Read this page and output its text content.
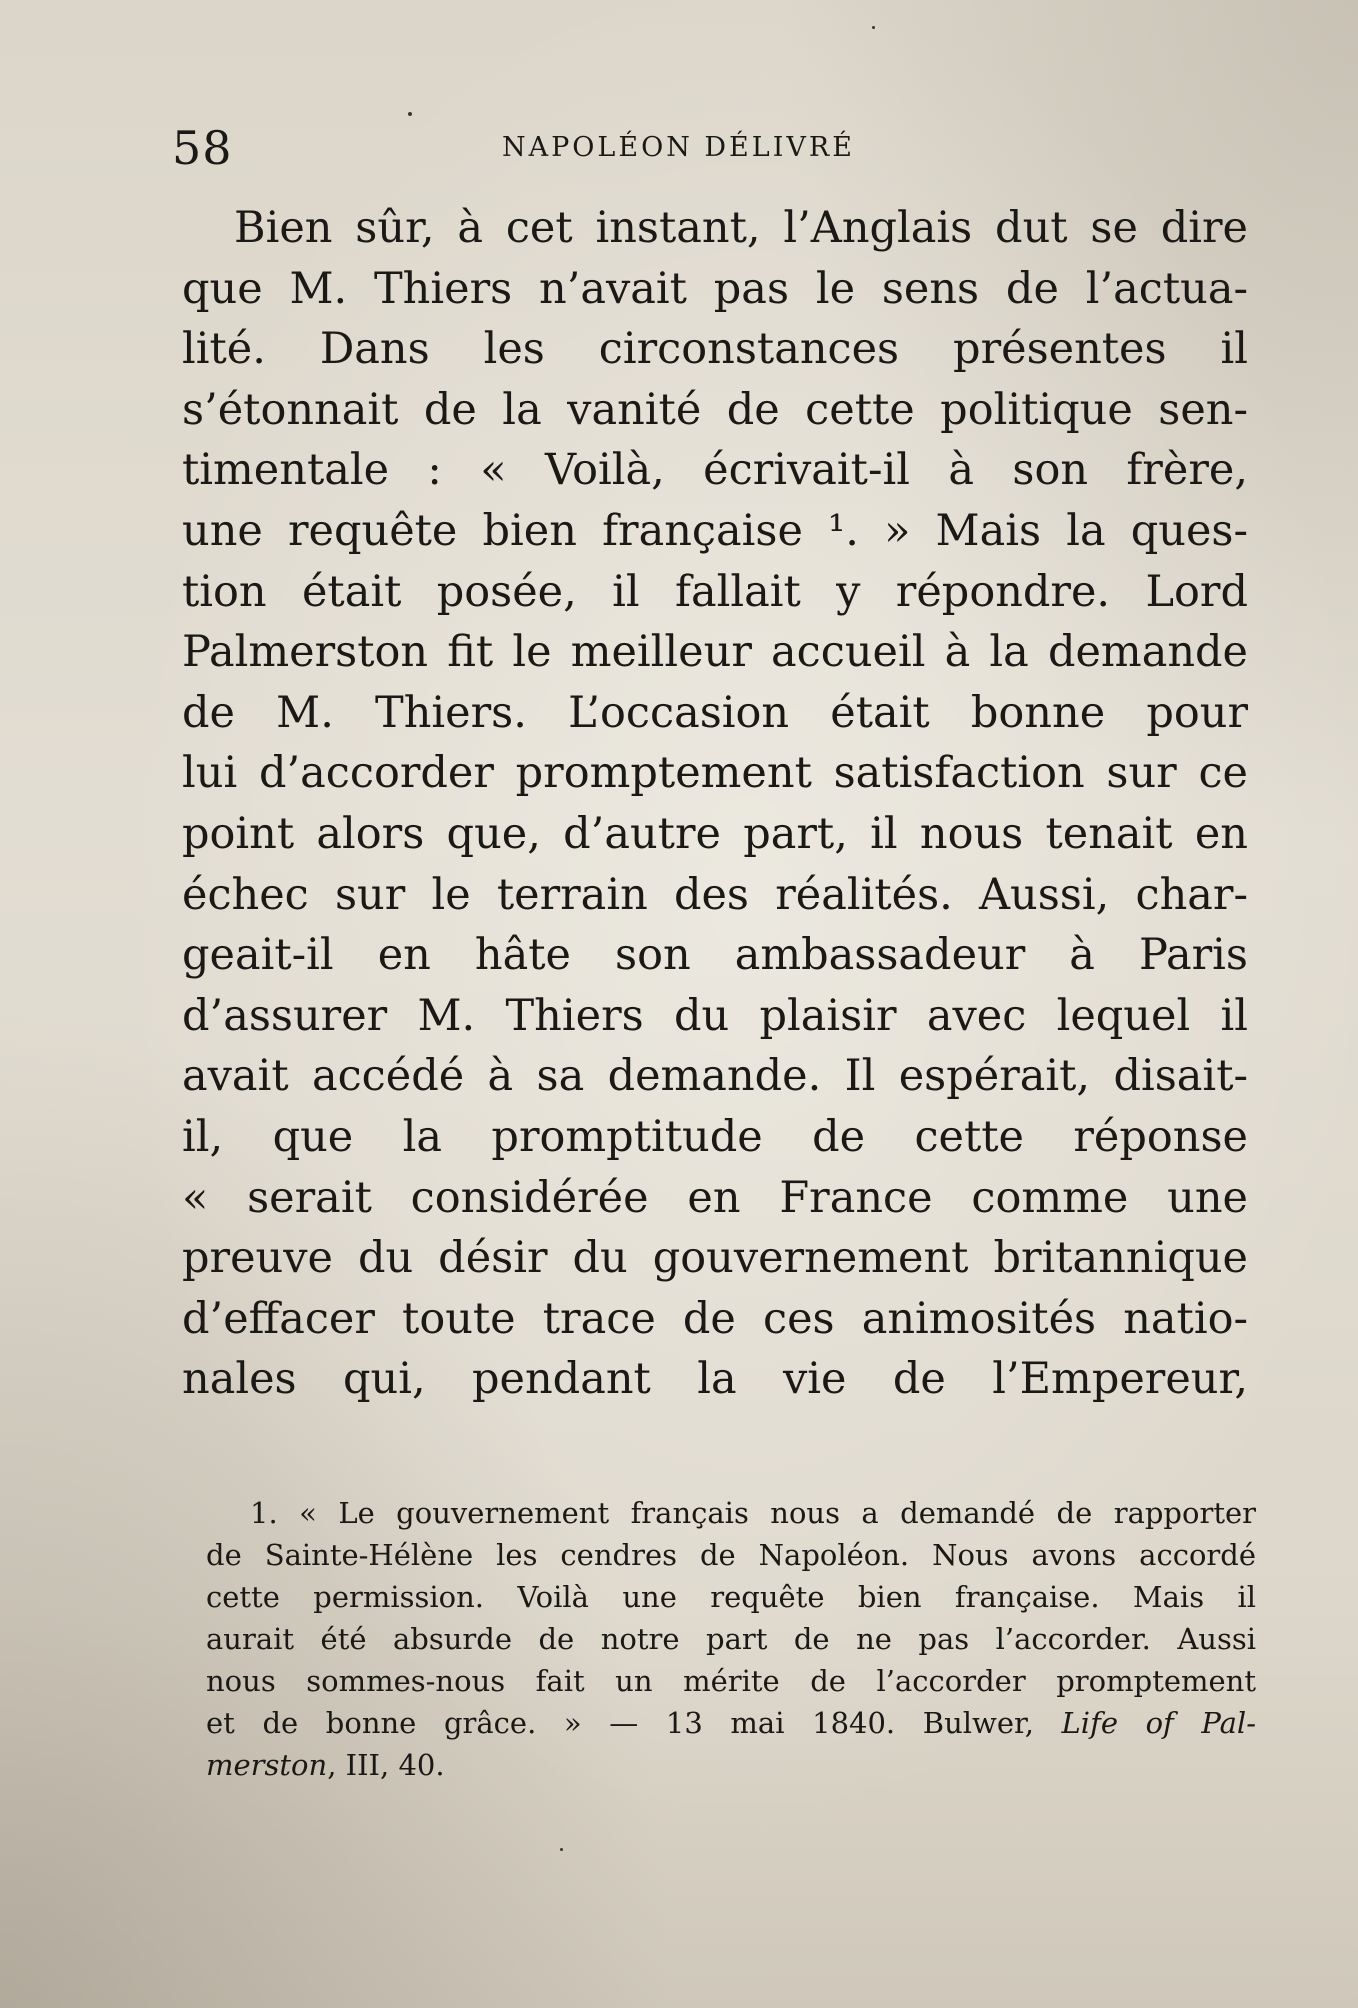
58	NAPOLÉON DÉLIVRÉ
Bien sûr, à cet instant, l’Anglais dut se dire
que M. Thiers n’avait pas le sens de l’actua-
lité. Dans les circonstances présentes il
s’étonnait de la vanité de cette politique sen-
timentale : « Voilà, écrivait-il à son frère,
une requête bien française ¹. » Mais la ques-
tion était posée, il fallait y répondre. Lord
Palmerston fit le meilleur accueil à la demande
de M. Thiers. L’occasion était bonne pour
lui d’accorder promptement satisfaction sur ce
point alors que, d’autre part, il nous tenait en
échec sur le terrain des réalités. Aussi, char-
geait-il en hâte son ambassadeur à Paris
d’assurer M. Thiers du plaisir avec lequel il
avait accédé à sa demande. Il espérait, disait-
il, que la promptitude de cette réponse
« serait considérée en France comme une
preuve du désir du gouvernement britannique
d’effacer toute trace de ces animosités natio-
nales qui, pendant la vie de l’Empereur,
1. « Le gouvernement français nous a demandé de rapporter
de Sainte-Hélène les cendres de Napoléon. Nous avons accordé
cette permission. Voilà une requête bien française. Mais il
aurait été absurde de notre part de ne pas l’accorder. Aussi
nous sommes-nous fait un mérite de l’accorder promptement
et de bonne grâce. » — 13 mai 1840. Bulwer, Life of Pal-
merston, III, 40.
